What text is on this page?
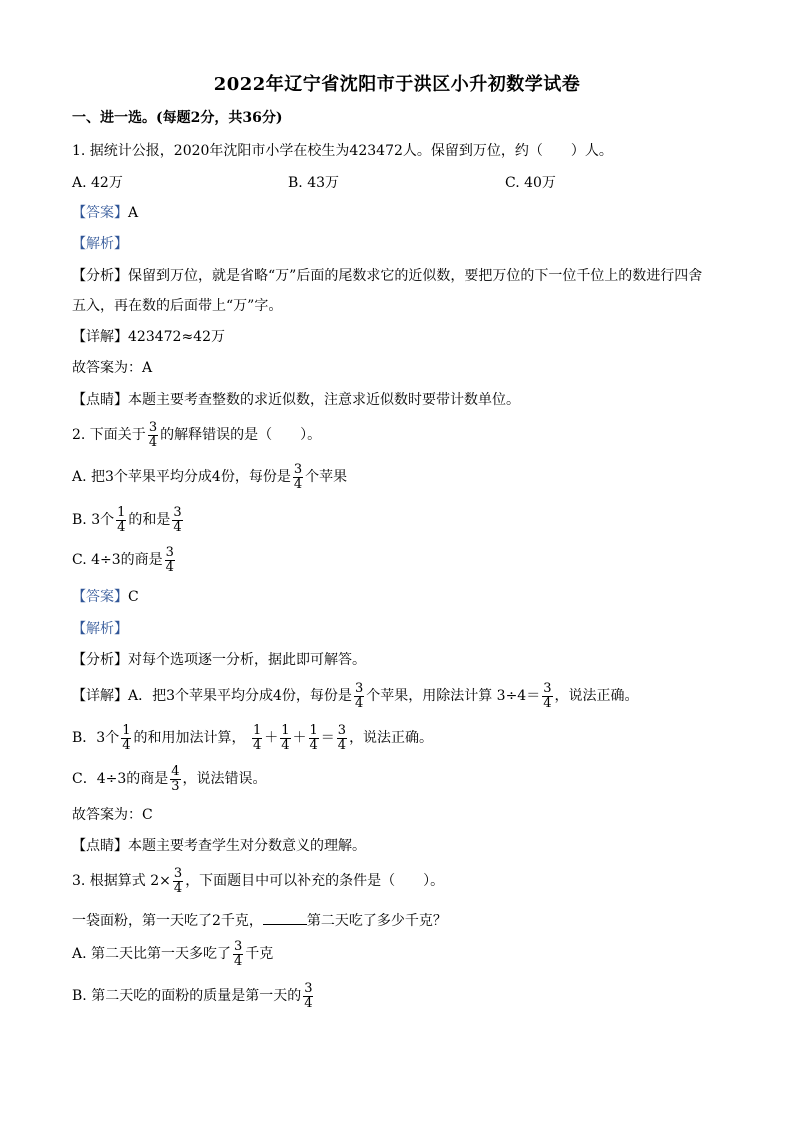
2022年辽宁省沈阳市于洪区小升初数学试卷
一、进一选。(每题2分，共36分)
1. 据统计公报，2020年沈阳市小学在校生为423472人。保留到万位，约（　　）人。
A. 42万	B. 43万	C. 40万
【答案】A
【解析】
【分析】保留到万位，就是省略“万”后面的尾数求它的近似数，要把万位的下一位千位上的数进行四舍
五入，再在数的后面带上“万”字。
【详解】423472≈42万
故答案为：A
【点睛】本题主要考查整数的求近似数，注意求近似数时要带计数单位。
2. 下面关于 $\frac{3}{4}$ 的解释错误的是（　　）。
A. 把3个苹果平均分成4份，每份是 $\frac{3}{4}$ 个苹果
B. 3个 $\frac{1}{4}$ 的和是 $\frac{3}{4}$
C. 4÷3的商是 $\frac{3}{4}$
【答案】C
【解析】
【分析】对每个选项逐一分析，据此即可解答。
【详解】A．把3个苹果平均分成4份，每份是 $\frac{3}{4}$ 个苹果，用除法计算 $3\div 4= \frac{3}{4}$ ，说法正确。
B．3个 $\frac{1}{4}$ 的和用加法计算， $\frac{1}{4} + \frac{1}{4} + \frac{1}{4} = \frac{3}{4}$ ，说法正确。
C．4÷3的商是 $\frac{4}{3}$ ，说法错误。
故答案为：C
【点睛】本题主要考查学生对分数意义的理解。
3. 根据算式 $2\times \frac{3}{4}$ ，下面题目中可以补充的条件是（　　）。
一袋面粉，第一天吃了2千克，	第二天吃了多少千克？
A. 第二天比第一天多吃了 $\frac{3}{4}$ 千克
B. 第二天吃的面粉的质量是第一天的 $\frac{3}{4}$
